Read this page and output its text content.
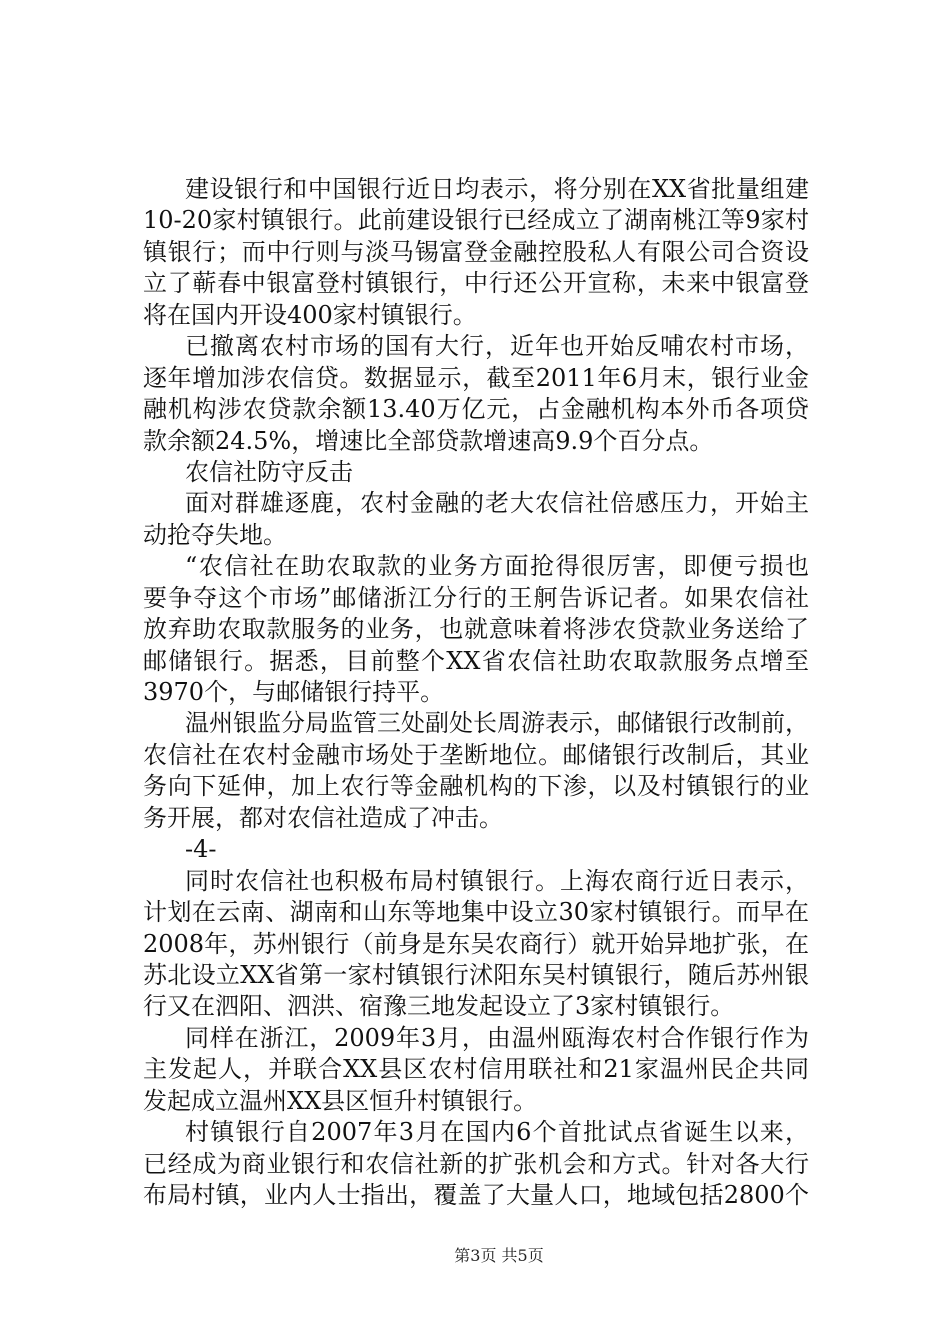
建设银行和中国银行近日均表示，将分别在XX省批量组建
10-20家村镇银行。此前建设银行已经成立了湖南桃江等9家村
镇银行；而中行则与淡马锡富登金融控股私人有限公司合资设
立了蕲春中银富登村镇银行，中行还公开宣称，未来中银富登
将在国内开设400家村镇银行。
已撤离农村市场的国有大行，近年也开始反哺农村市场，
逐年增加涉农信贷。数据显示，截至2011年6月末，银行业金
融机构涉农贷款余额13.40万亿元，占金融机构本外币各项贷
款余额24.5%，增速比全部贷款增速高9.9个百分点。
农信社防守反击
面对群雄逐鹿，农村金融的老大农信社倍感压力，开始主
动抢夺失地。
“农信社在助农取款的业务方面抢得很厉害，即便亏损也
要争夺这个市场”邮储浙江分行的王舸告诉记者。如果农信社
放弃助农取款服务的业务，也就意味着将涉农贷款业务送给了
邮储银行。据悉，目前整个XX省农信社助农取款服务点增至
3970个，与邮储银行持平。
温州银监分局监管三处副处长周游表示，邮储银行改制前，
农信社在农村金融市场处于垄断地位。邮储银行改制后，其业
务向下延伸，加上农行等金融机构的下渗，以及村镇银行的业
务开展，都对农信社造成了冲击。
-4-
同时农信社也积极布局村镇银行。上海农商行近日表示，
计划在云南、湖南和山东等地集中设立30家村镇银行。而早在
2008年，苏州银行（前身是东吴农商行）就开始异地扩张，在
苏北设立XX省第一家村镇银行沭阳东吴村镇银行，随后苏州银
行又在泗阳、泗洪、宿豫三地发起设立了3家村镇银行。
同样在浙江，2009年3月，由温州瓯海农村合作银行作为
主发起人，并联合XX县区农村信用联社和21家温州民企共同
发起成立温州XX县区恒升村镇银行。
村镇银行自2007年3月在国内6个首批试点省诞生以来，
已经成为商业银行和农信社新的扩张机会和方式。针对各大行
布局村镇，业内人士指出，覆盖了大量人口，地域包括2800个
第3页 共5页
